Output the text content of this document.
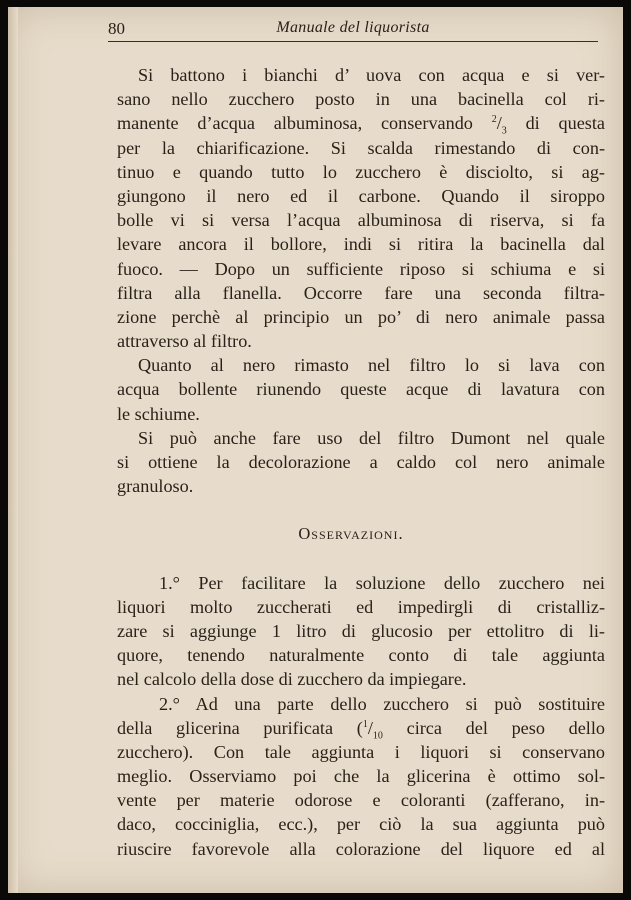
80	Manuale del liquorista
Si battono i bianchi d’ uova con acqua e si ver-
sano nello zucchero posto in una bacinella col ri-
manente d’acqua albuminosa, conservando $^2/_3$ di questa
per la chiarificazione. Si scalda rimestando di con-
tinuo e quando tutto lo zucchero è disciolto, si ag-
giungono il nero ed il carbone. Quando il siroppo
bolle vi si versa l’acqua albuminosa di riserva, si fa
levare ancora il bollore, indi si ritira la bacinella dal
fuoco. — Dopo un sufficiente riposo si schiuma e si
filtra alla flanella. Occorre fare una seconda filtra-
zione perchè al principio un po’ di nero animale passa
attraverso al filtro.
Quanto al nero rimasto nel filtro lo si lava con
acqua bollente riunendo queste acque di lavatura con
le schiume.
Si può anche fare uso del filtro Dumont nel quale
si ottiene la decolorazione a caldo col nero animale
granuloso.
Osservazioni.
1.° Per facilitare la soluzione dello zucchero nei
liquori molto zuccherati ed impedirgli di cristalliz-
zare si aggiunge 1 litro di glucosio per ettolitro di li-
quore, tenendo naturalmente conto di tale aggiunta
nel calcolo della dose di zucchero da impiegare.
2.° Ad una parte dello zucchero si può sostituire
della glicerina purificata ($^1/_{10}$ circa del peso dello
zucchero). Con tale aggiunta i liquori si conservano
meglio. Osserviamo poi che la glicerina è ottimo sol-
vente per materie odorose e coloranti (zafferano, in-
daco, cocciniglia, ecc.), per ciò la sua aggiunta può
riuscire favorevole alla colorazione del liquore ed al
